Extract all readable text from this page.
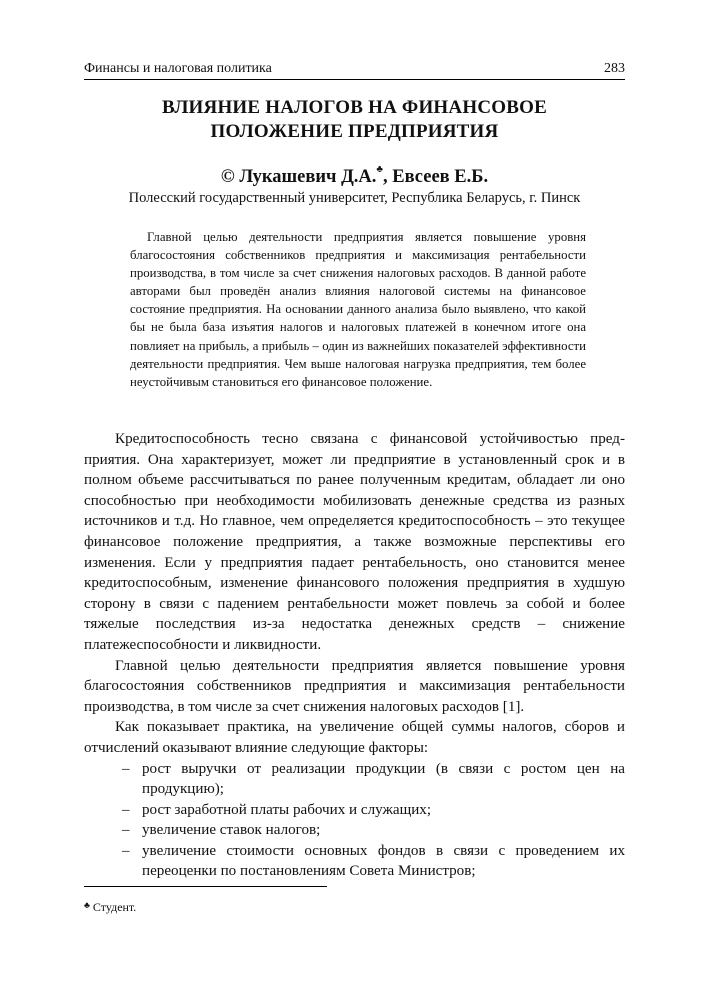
Финансы и налоговая политика	283
ВЛИЯНИЕ НАЛОГОВ НА ФИНАНСОВОЕ
ПОЛОЖЕНИЕ ПРЕДПРИЯТИЯ
© Лукашевич Д.А.♣, Евсеев Е.Б.
Полесский государственный университет, Республика Беларусь, г. Пинск
Главной целью деятельности предприятия является повышение уровня благосостояния собственников предприятия и максимизация рентабельности производства, в том числе за счет снижения налоговых расходов. В данной работе авторами был проведён анализ влияния налоговой системы на финансовое состояние предприятия. На основании данного анализа было выявлено, что какой бы не была база изъятия налогов и налоговых платежей в конечном итоге она повлияет на прибыль, а прибыль – один из важнейших показателей эффективности деятельности предприятия. Чем выше налоговая нагрузка предприятия, тем более неустойчивым становиться его финансовое положение.

Кредитоспособность тесно связана с финансовой устойчивостью предприятия. Она характеризует, может ли предприятие в установленный срок и в полном объеме рассчитываться по ранее полученным кредитам, обладает ли оно способностью при необходимости мобилизовать денежные средства из разных источников и т.д. Но главное, чем определяется кредитоспособность – это текущее финансовое положение предприятия, а также возможные перспективы его изменения. Если у предприятия падает рентабельность, оно становится менее кредитоспособным, изменение финансового положения предприятия в худшую сторону в связи с падением рентабельности может повлечь за собой и более тяжелые последствия из-за недостатка денежных средств – снижение платежеспособности и ликвидности.

Главной целью деятельности предприятия является повышение уровня благосостояния собственников предприятия и максимизация рентабельности производства, в том числе за счет снижения налоговых расходов [1].

Как показывает практика, на увеличение общей суммы налогов, сборов и отчислений оказывают влияние следующие факторы:

– рост выручки от реализации продукции (в связи с ростом цен на продукцию);
– рост заработной платы рабочих и служащих;
– увеличение ставок налогов;
– увеличение стоимости основных фондов в связи с проведением их переоценки по постановлениям Совета Министров;
♣ Студент.
